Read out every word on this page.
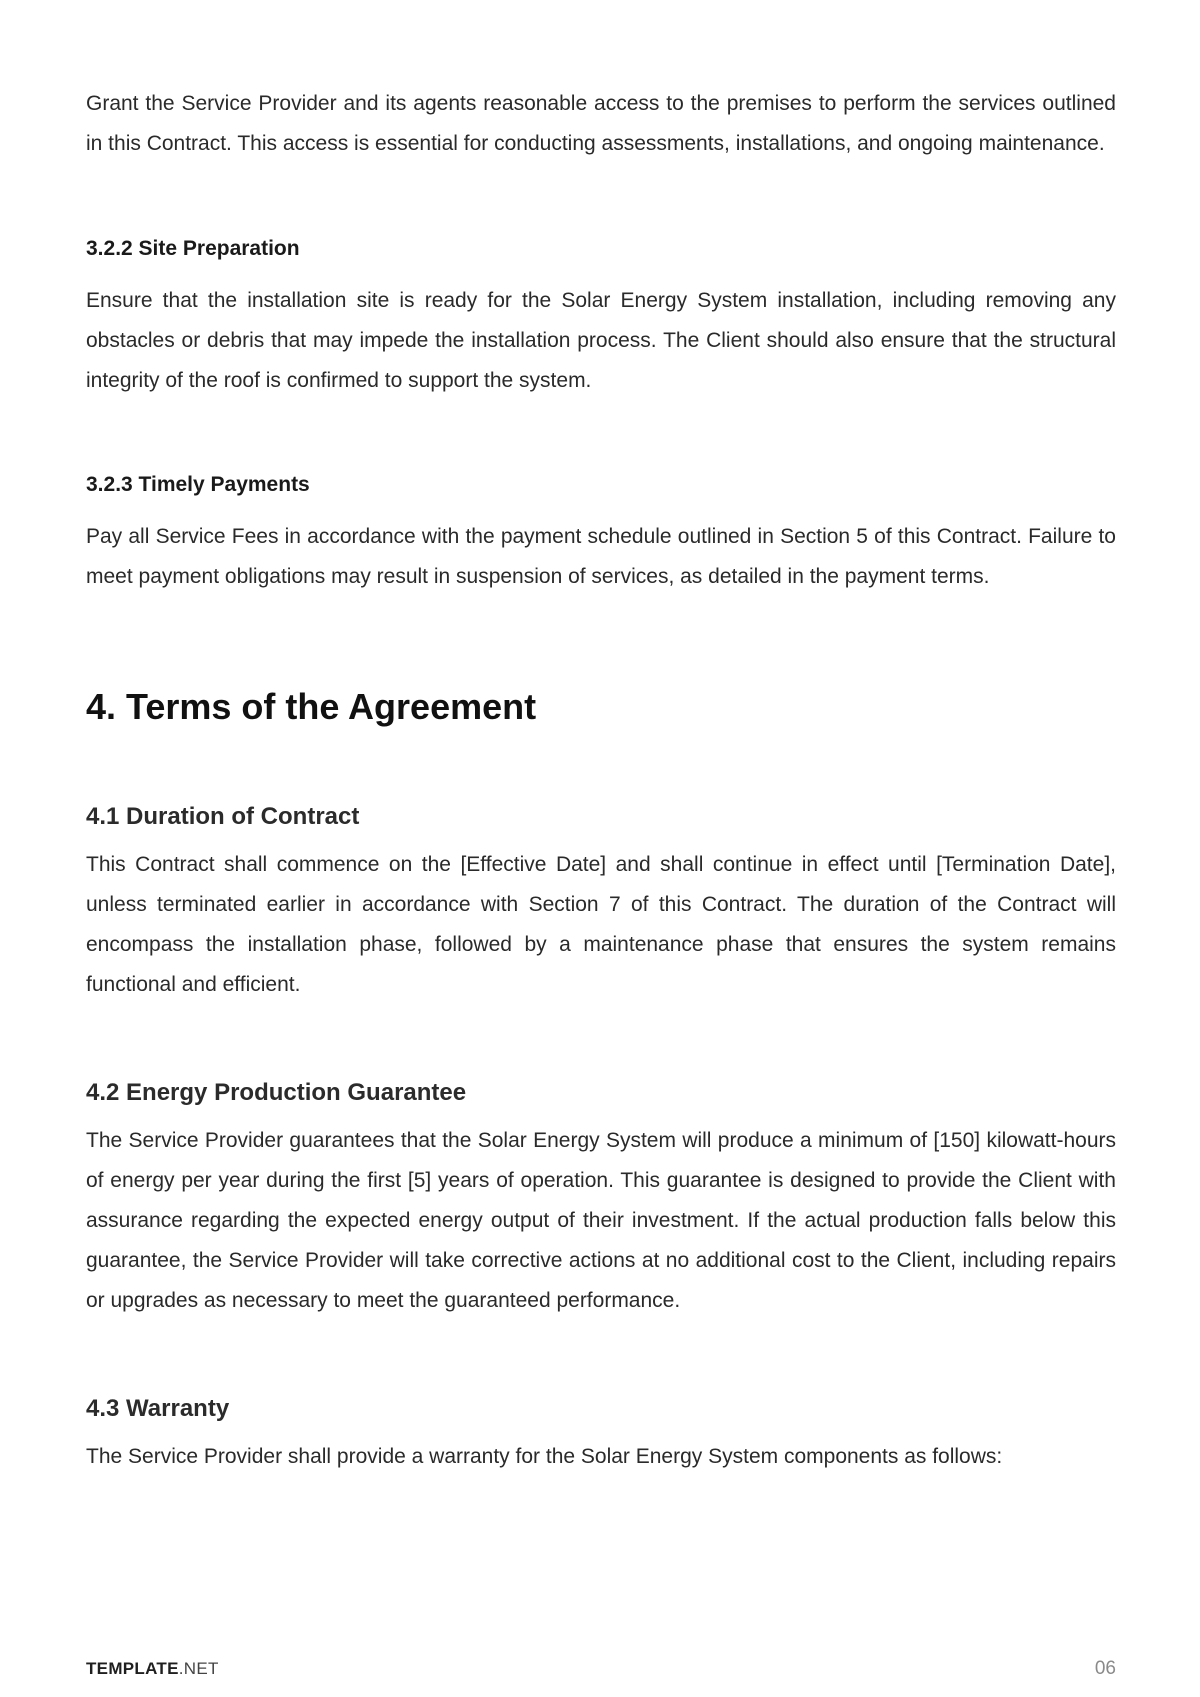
Grant the Service Provider and its agents reasonable access to the premises to perform the services outlined in this Contract. This access is essential for conducting assessments, installations, and ongoing maintenance.

3.2.2 Site Preparation

Ensure that the installation site is ready for the Solar Energy System installation, including removing any obstacles or debris that may impede the installation process. The Client should also ensure that the structural integrity of the roof is confirmed to support the system.

3.2.3 Timely Payments

Pay all Service Fees in accordance with the payment schedule outlined in Section 5 of this Contract. Failure to meet payment obligations may result in suspension of services, as detailed in the payment terms.

4. Terms of the Agreement
4.1 Duration of Contract

This Contract shall commence on the [Effective Date] and shall continue in effect until [Termination Date], unless terminated earlier in accordance with Section 7 of this Contract. The duration of the Contract will encompass the installation phase, followed by a maintenance phase that ensures the system remains functional and efficient.

4.2 Energy Production Guarantee

The Service Provider guarantees that the Solar Energy System will produce a minimum of [150] kilowatt-hours of energy per year during the first [5] years of operation. This guarantee is designed to provide the Client with assurance regarding the expected energy output of their investment. If the actual production falls below this guarantee, the Service Provider will take corrective actions at no additional cost to the Client, including repairs or upgrades as necessary to meet the guaranteed performance.

4.3 Warranty

The Service Provider shall provide a warranty for the Solar Energy System components as follows:

TEMPLATE.NET	06
